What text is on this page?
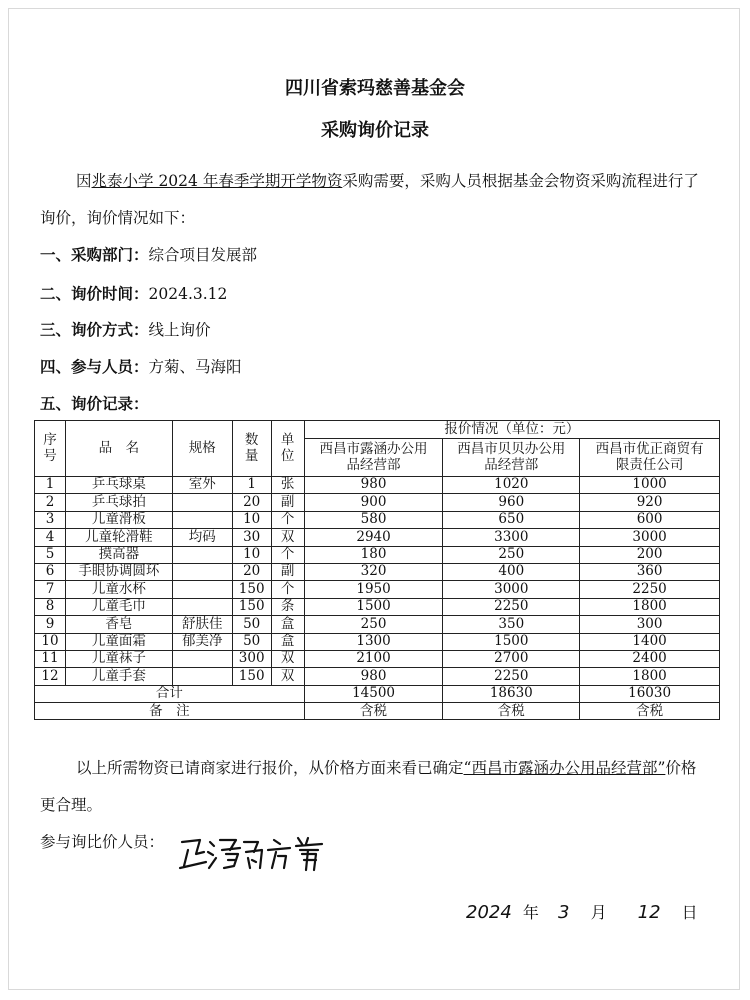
四川省索玛慈善基金会
采购询价记录
因兆泰小学 2024 年春季学期开学物资采购需要，采购人员根据基金会物资采购流程进行了询价，询价情况如下：
一、采购部门：综合项目发展部
二、询价时间：2024.3.12
三、询价方式：线上询价
四、参与人员：方菊、马海阳
五、询价记录：
序号	品　名	规格	数量	单位	报价情况（单位：元）		
					西昌市露涵办公用品经营部	西昌市贝贝办公用品经营部	西昌市优正商贸有限责任公司
1	乒乓球桌	室外	1	张	980	1020	1000
2	乒乓球拍		20	副	900	960	920
3	儿童滑板		10	个	580	650	600
4	儿童轮滑鞋	均码	30	双	2940	3300	3000
5	摸高器		10	个	180	250	200
6	手眼协调圆环		20	副	320	400	360
7	儿童水杯		150	个	1950	3000	2250
8	儿童毛巾		150	条	1500	2250	1800
9	香皂	舒肤佳	50	盒	250	350	300
10	儿童面霜	郁美净	50	盒	1300	1500	1400
11	儿童袜子		300	双	2100	2700	2400
12	儿童手套		150	双	980	2250	1800
合计					14500	18630	16030
备　注					含税	含税	含税
以上所需物资已请商家进行报价，从价格方面来看已确定“西昌市露涵办公用品经营部”价格更合理。
参与询比价人员：
2024 年 3 月 12 日
